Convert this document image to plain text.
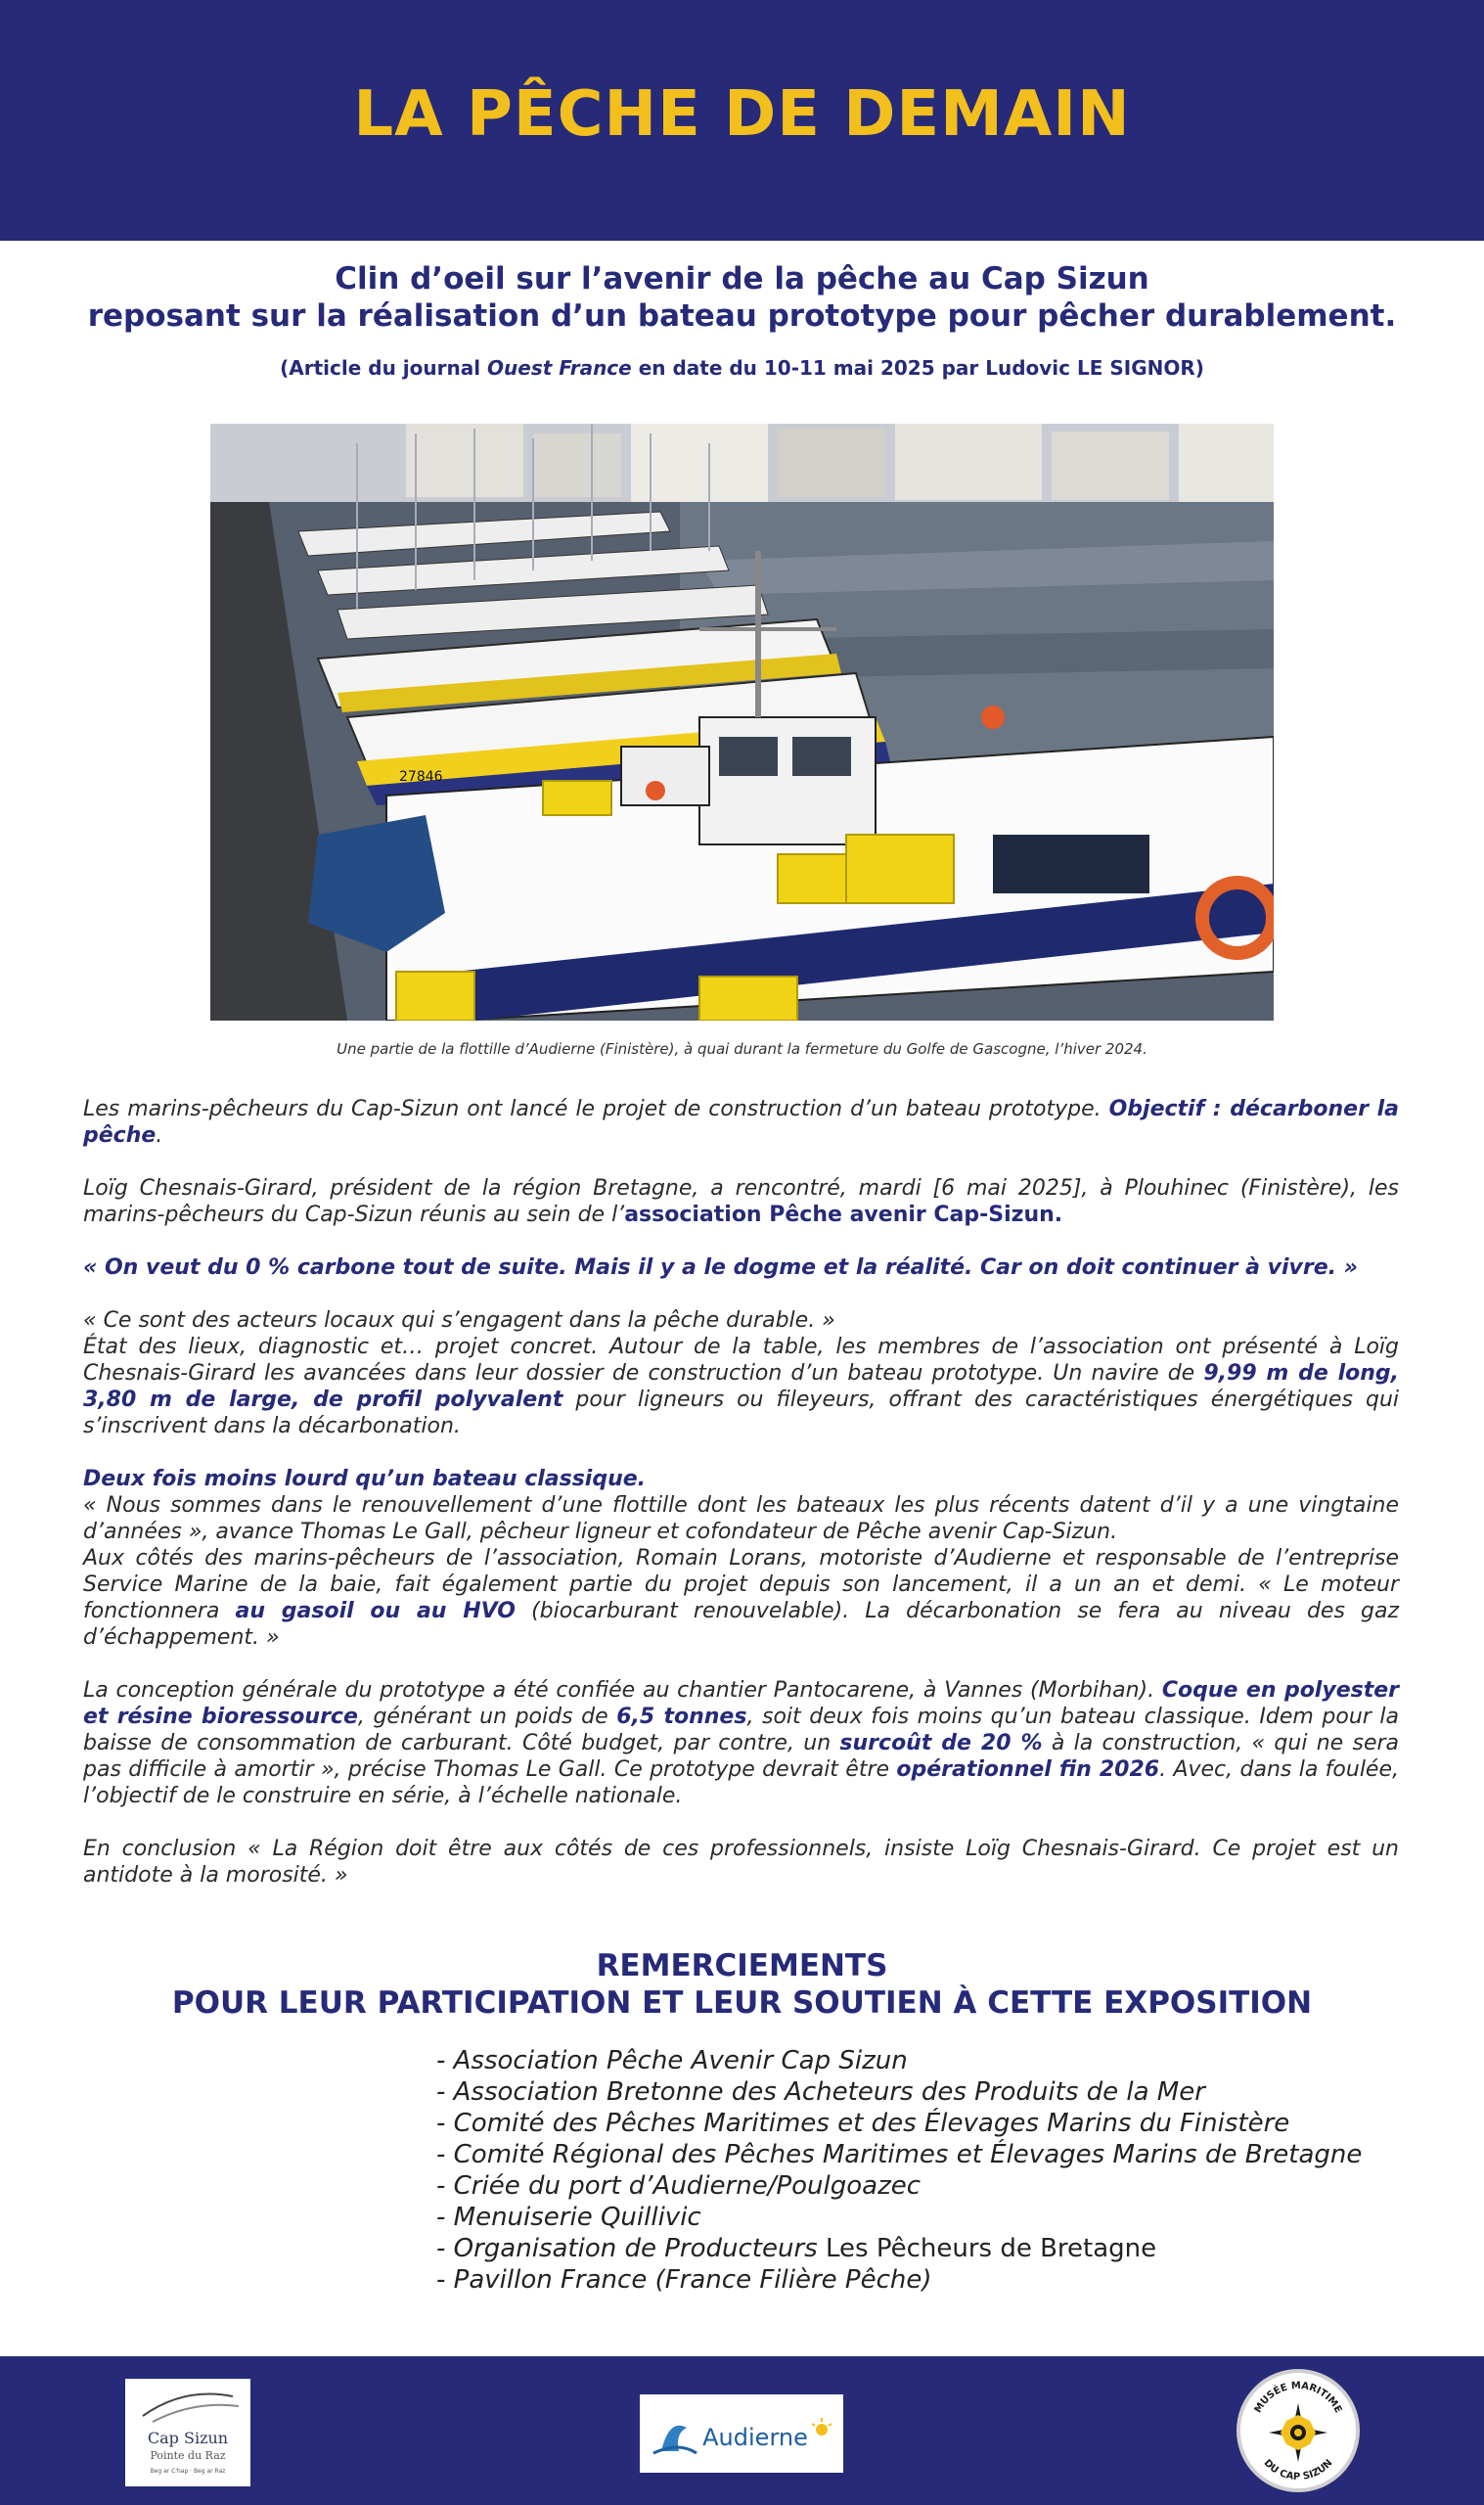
LA PÊCHE DE DEMAIN
Clin d’oeil sur l’avenir de la pêche au Cap Sizun
reposant sur la réalisation d’un bateau prototype pour pêcher durablement.
(Article du journal Ouest France en date du 10-11 mai 2025 par Ludovic LE SIGNOR)
27846
Une partie de la flottille d’Audierne (Finistère), à quai durant la fermeture du Golfe de Gascogne, l’hiver 2024.

Les marins-pêcheurs du Cap-Sizun ont lancé le projet de construction d’un bateau prototype. Objectif : décarboner la pêche.

Loïg Chesnais-Girard, président de la région Bretagne, a rencontré, mardi [6 mai 2025], à Plouhinec (Finistère), les marins-pêcheurs du Cap-Sizun réunis au sein de l’association Pêche avenir Cap-Sizun.

« On veut du 0 % carbone tout de suite. Mais il y a le dogme et la réalité. Car on doit continuer à vivre. »

« Ce sont des acteurs locaux qui s’engagent dans la pêche durable. »
État des lieux, diagnostic et… projet concret. Autour de la table, les membres de l’association ont présenté à Loïg Chesnais-Girard les avancées dans leur dossier de construction d’un bateau prototype. Un navire de 9,99 m de long, 3,80 m de large, de profil polyvalent pour ligneurs ou fileyeurs, offrant des caractéristiques énergétiques qui s’inscrivent dans la décarbonation.

Deux fois moins lourd qu’un bateau classique.
« Nous sommes dans le renouvellement d’une flottille dont les bateaux les plus récents datent d’il y a une vingtaine d’années », avance Thomas Le Gall, pêcheur ligneur et cofondateur de Pêche avenir Cap-Sizun.
Aux côtés des marins-pêcheurs de l’association, Romain Lorans, motoriste d’Audierne et responsable de l’entreprise Service Marine de la baie, fait également partie du projet depuis son lancement, il a un an et demi. « Le moteur fonctionnera au gasoil ou au HVO (biocarburant renouvelable). La décarbonation se fera au niveau des gaz d’échappement. »

La conception générale du prototype a été confiée au chantier Pantocarene, à Vannes (Morbihan). Coque en polyester et résine bioressource, générant un poids de 6,5 tonnes, soit deux fois moins qu’un bateau classique. Idem pour la baisse de consommation de carburant. Côté budget, par contre, un surcoût de 20 % à la construction, « qui ne sera pas difficile à amortir », précise Thomas Le Gall. Ce prototype devrait être opérationnel fin 2026. Avec, dans la foulée, l’objectif de le construire en série, à l’échelle nationale.

En conclusion « La Région doit être aux côtés de ces professionnels, insiste Loïg Chesnais-Girard. Ce projet est un antidote à la morosité. »

REMERCIEMENTS
POUR LEUR PARTICIPATION ET LEUR SOUTIEN À CETTE EXPOSITION
- Association Pêche Avenir Cap Sizun
- Association Bretonne des Acheteurs des Produits de la Mer
- Comité des Pêches Maritimes et des Élevages Marins du Finistère
- Comité Régional des Pêches Maritimes et Élevages Marins de Bretagne
- Criée du port d’Audierne/Poulgoazec
- Menuiserie Quillivic
- Organisation de Producteurs Les Pêcheurs de Bretagne
- Pavillon France (France Filière Pêche)
Cap Sizun
Pointe du Raz
Beg ar C'hap · Beg ar Raz
Audierne
MUSÉE MARITIME
DU CAP SIZUN
